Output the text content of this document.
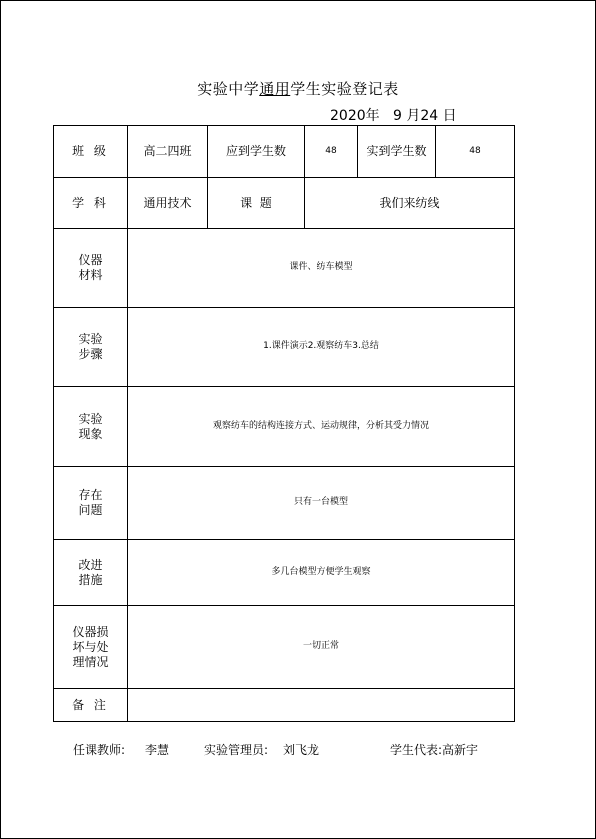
实验中学通用学生实验登记表
2020年   9 月24 日
班 级	高二四班	应到学生数	48	实到学生数	48
学 科	通用技术	课  题	我们来纺线		
仪器
材料	课件、纺车模型				
实验
步骤	1.课件演示2.观察纺车3.总结				
实验
现象	观察纺车的结构连接方式、运动规律，分析其受力情况				
存在
问题	只有一台模型				
改进
措施	多几台模型方便学生观察				
仪器损
坏与处
理情况	一切正常				
备 注					
任课教师: 李慧	实验管理员: 刘飞龙	学生代表:高新宇
